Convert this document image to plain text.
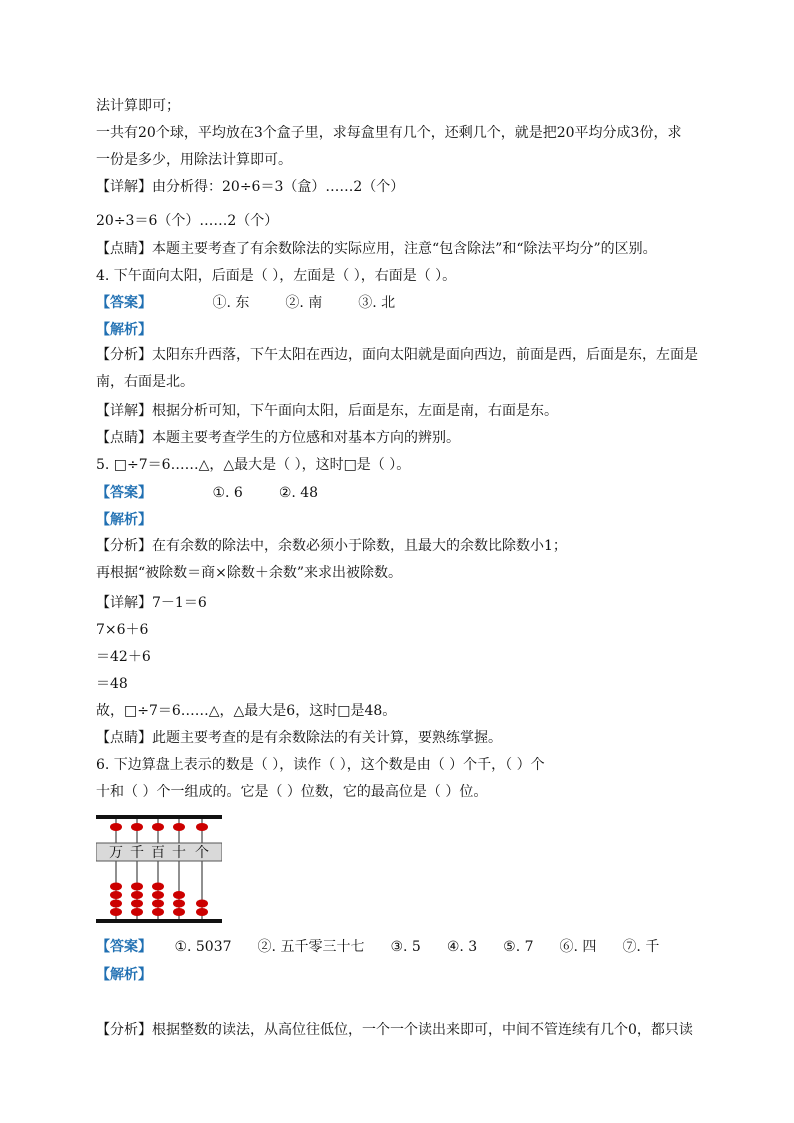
法计算即可；
一共有20个球，平均放在3个盒子里，求每盒里有几个，还剩几个，就是把20平均分成3份，求
一份是多少，用除法计算即可。
【详解】由分析得：20÷6＝3（盒）……2（个）
20÷3＝6（个）……2（个）
【点睛】本题主要考查了有余数除法的实际应用，注意“包含除法”和“除法平均分”的区别。
4. 下午面向太阳，后面是（ ），左面是（ ），右面是（ ）。
【分析】太阳东升西落，下午太阳在西边，面向太阳就是面向西边，前面是西，后面是东，左面是
南，右面是北。
【详解】根据分析可知，下午面向太阳，后面是东，左面是南，右面是东。
【点睛】本题主要考查学生的方位感和对基本方向的辨别。
5. □÷7＝6……△，△最大是（ ），这时□是（ ）。
【分析】在有余数的除法中，余数必须小于除数，且最大的余数比除数小1；
再根据“被除数＝商×除数＋余数”来求出被除数。
【详解】7－1＝6
7×6＋6
＝42＋6
＝48
故，□÷7＝6……△，△最大是6，这时□是48。
【点睛】此题主要考查的是有余数除法的有关计算，要熟练掌握。
6. 下边算盘上表示的数是（ ），读作（ ），这个数是由（ ）个千，（ ）个
十和（ ）个一组成的。它是（ ）位数，它的最高位是（ ）位。
【分析】根据整数的读法，从高位往低位，一个一个读出来即可，中间不管连续有几个0，都只读
【答案】	①. 东	②. 南	③. 北
【解析】
【答案】	①. 6	②. 48
【解析】
万 千 百 十 个
【答案】 ①. 5037 ②. 五千零三十七 ③. 5 ④. 3 ⑤. 7 ⑥. 四 ⑦. 千
【解析】
